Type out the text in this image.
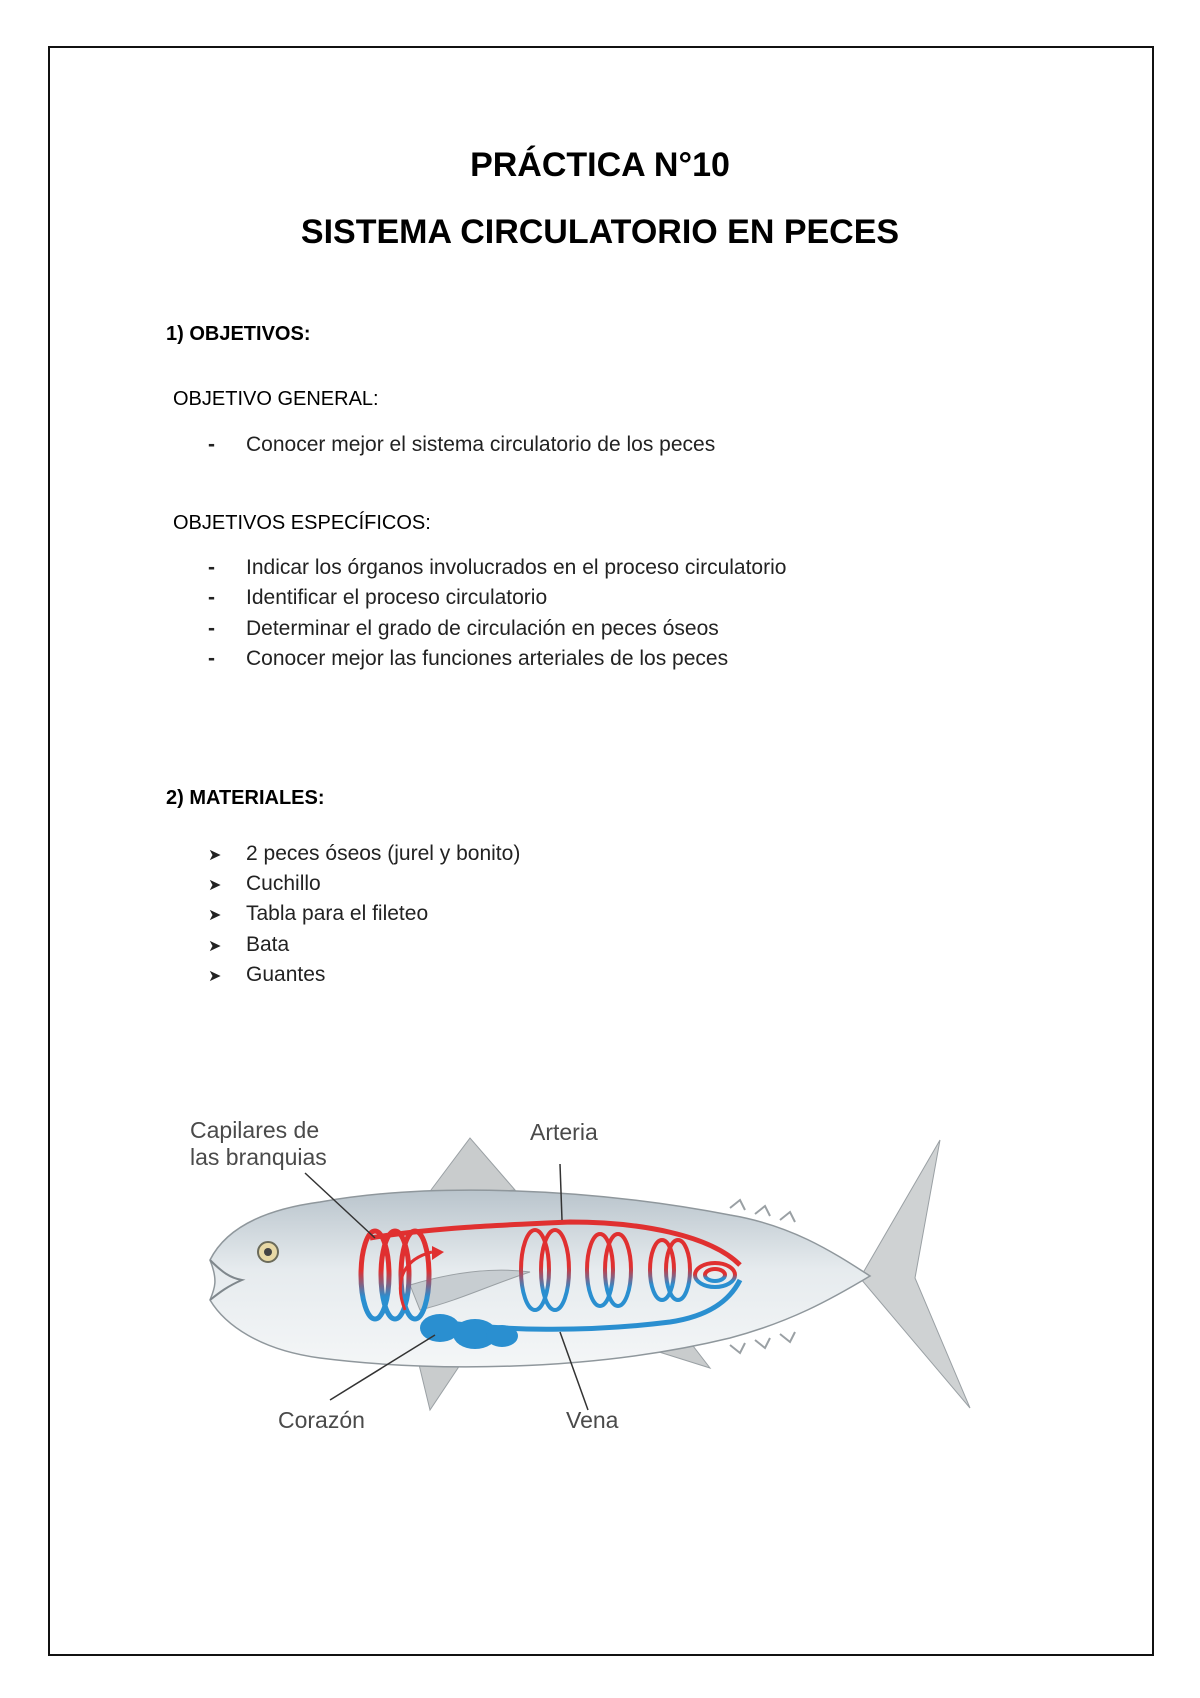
PRÁCTICA N°10
SISTEMA CIRCULATORIO EN PECES
1) OBJETIVOS:
OBJETIVO GENERAL:
- Conocer mejor el sistema circulatorio de los peces
OBJETIVOS ESPECÍFICOS:
- Indicar los órganos involucrados en el proceso circulatorio
- Identificar el proceso circulatorio
- Determinar el grado de circulación en peces óseos
- Conocer mejor las funciones arteriales de los peces
2) MATERIALES:
➤ 2 peces óseos (jurel y bonito)
➤ Cuchillo
➤ Tabla para el fileteo
➤ Bata
➤ Guantes
Capilares de
las branquias
Arteria
Corazón	Vena
